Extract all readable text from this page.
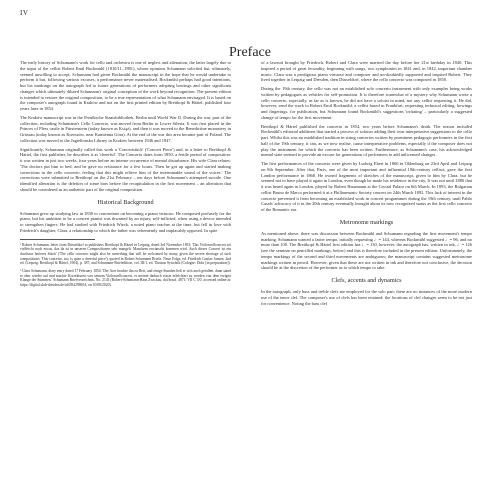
IV
Preface

The early history of Schumann's work for cello and orchestra is one of neglect and alienation, the latter largely due to the input of the cellist Robert Emil Bockmühl (1810/11–1881), whose opinions Schumann solicited but, ultimately, seemed unwilling to accept. Schumann had given Bockmühl the manuscript in the hope that he would undertake to perform it but, following various excuses, a performance never materialised. Bockmühl perhaps had good intentions, but his markings on the autograph led to future generations of performers adopting bowings and other significant changes which ultimately diluted Schumann's original conception of the work beyond recognition. The present edition is intended to restore the original composition, to be a true representation of what Schumann envisaged. It is based on the composer's autograph found in Kraków and not on the first printed edition by Breitkopf & Härtel, published four years later in 1854.

The Kraków manuscript was in the Preußische Staatsbibliothek, Berlin until World War II. During the war, part of the collection, including Schumann's Cello Concerto, was moved from Berlin to Lower Silesia. It was first placed in the Princes of Pless castle in Fürstenstein (today known as Książ), and then it was moved to the Benedictine monastery in Grüssau (today known as Krzeszów, near Kamienna Góra). At the end of the war this area became part of Poland. The collection was moved to the Jagiellonska Library in Kraków between 1946 and 1947.

Significantly, Schumann originally called this work a 'Concertstück' ('Concert Piece') and, in a letter to Breitkopf & Härtel, the first publisher, he describes it as 'cheerful'. The Concerto dates from 1850, a fertile period of composition: it was written in just two weeks, four years before an intense occurrence of mental disturbance. His wife Clara relates: 'The doctors put him to bed, and he gave no resistance for a few hours. Then he got up again and started making corrections in the cello concerto, feeling that this might relieve him of the interminable sound of the voices.' The corrections were submitted to Breitkopf on the 21st February – ten days before Schumann's attempted suicide. One identified alteration is the deletion of some bars before the recapitulation in the first movement – an alteration that should be considered as an authentic part of the original composition.

Historical Background

Schumann grew up studying law in 1830 to concentrate on becoming a piano virtuoso. He composed profusely for the piano, but his ambition to be a concert pianist was thwarted by an injury, self-inflicted, when using a device intended to strengthen fingers. He had studied with Friedrich Wieck, a noted piano teacher at the time, but fell in love with Friedrich's daughter, Clara, a relationship to which the father was vehemently and implacably opposed. In spite

¹ Robert Schumann, letter from Düsseldorf to publishers Breitkopf & Härtel in Leipzig, dated 3rd November 1853: 'Das Violoncellconcert sei vielleicht noch etwas, das da ist in unseren Compositionen sehr mangelt. Manchem erwünscht kommen wird. Auch dieses Concert ist ein durchaus heiteres Stück' ('The cello concerto might also be something that will be welcomed by many, given the severe shortage of such compositions. This concerto, too, is quite a cheerful piece'), quoted in Robert Schumann Briefe. Neue Folge, ed. Friedrich Gustav Jansen, 2nd ed. (Leipzig: Breitkopf & Härtel, 1904), p. 387; and Schumann-Briefedition, vol. III/1, ed. Thomas Synofzik (Cologne: Dohr [in preparation]).

² Clara Schumann, diary entry dated 17 February 1854: 'Der Arzt brachte ihn zu Bett, und einige Stunden ließ er sich auch gefallen, dann stand er aber wieder auf und machte Korrekturen von seinem Violoncellconcert, er meinte dadurch etwas erleichtert zu werden von dem ewigen Klange der Stimmen.' Schumann Briefverzeichnis, No. 2141 (Robert-Schumann-Haus Zwickau, doi/brsaf. 4871/ VII C 3/0, accessed online at: https://digital.slub-dresden.de/id4394298654, on 10/08/2020).

of a lawsuit brought by Friedrich, Robert and Clara were married the day before her 21st birthday in 1840. This inspired a period of great fecundity, beginning with songs, two symphonies in 1841 and, in 1842, important chamber music. Clara was a prodigious piano virtuoso and composer and un-doubtedly supported and inspired Robert. They lived together in Leipzig and Dresden, then Düsseldorf, where the cello concerto was composed in 1850.

During the 19th century, the cello was not an established solo concerto instrument with only examples being works written by pedagogues as vehicles for self-promotion. It is therefore somewhat of a mystery why Schumann wrote a cello concerto, especially, as far as is known, he did not have a soloist in mind, not any cellist requesting it. He did, however, send the work to Robert Emil Bockmühl, a cellist based in Frankfurt, requesting technical editing, bowings and fingerings, for publication, but Schumann found Bockmühl's suggestions 'irritating' – particularly a suggested change of tempo for the first movement.

Breitkopf & Härtel published the concerto in 1854, two years before Schumann's death. The reason included Bockmühl's editorial additions that started a process of soloists adding their own interpretative suggestions to the cello part. Whilst this was an established tradition in string concertos written by prominent pedagogic performers in the first half of the 19th century, it can, as we now realise, cause interpretative problems, especially if the composer does not play the instrument for which the concerto has been written. Furthermore, as Schumann's case, his acknowledged mental state seemed to provide an excuse for generations of performers to add unlicensed changes.

The first performances of the concerto were given by Ludwig Ebert in 1860 in Oldenburg on 23rd April and Leipzig on 8th September. After that, Paris, one of the most important and influential 19th-century cellists, gave the first London performance in 1868. He owned fragments of sketches of the manuscript, given to him by Clara, but he seemed not to have played it again in London, even though he made his residence in the city. It was not until 1880 that it was heard again in London, played by Robert Hausmann at the Crystal Palace on 6th March. In 1893, the Bulgarian cellist Bruno de Marco performed it at a Philharmonic Society concert on 24th March 1892. This lack of interest in the concerto prevented it from becoming an established work in concert programmes during the 19th century, until Pablo Casals' advocacy of it in the 20th century eventually brought about its now recognized status as the first cello concerto of the Romantic era.

Metronome markings

As mentioned above, there was discussion between Bockmühl and Schumann regarding the first movement's tempo marking. Schumann wanted a faster tempo, initially requesting ♩= 144, whereas Bockmühl suggested ♩= 96, and no more than 100. The Breitkopf & Härtel first edition has ♩= 130, however, the autograph has, written in ink, ♩= 126 (see the seminar on pencilled markings, below) and this is therefore included in the present edition. Unfortunately, the tempo markings of the second and third movements are ambiguous; the manuscript contains suggested metronome markings written in pencil. However, given that these are not written in ink and therefore not conclusive, the decision should be at the discretion of the performer as to which tempo to take.

Clefs, accents and dynamics

In the autograph, only bass and treble clefs are employed for the solo part; there are no instances of the more modern use of the tenor clef. The composer's use of clefs has been retained: the locations of clef changes seem to be not just for convenience. Noting the bass clef
